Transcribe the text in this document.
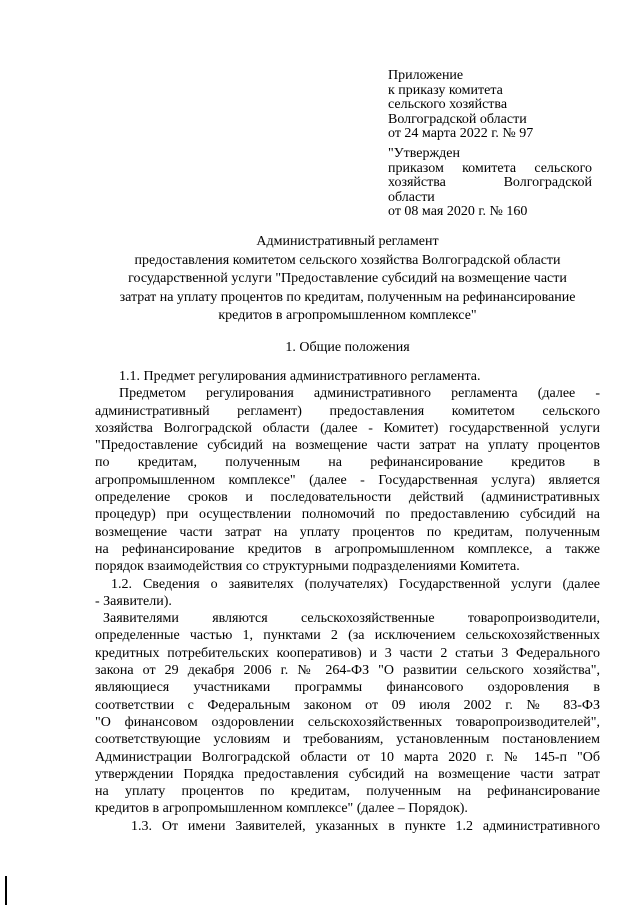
Приложение
к приказу комитета
сельского хозяйства
Волгоградской области
от 24 марта 2022 г. № 97
"Утвержден
приказом комитета сельского
хозяйства Волгоградской
области
от 08 мая 2020 г. № 160
Административный регламент
предоставления комитетом сельского хозяйства Волгоградской области
государственной услуги "Предоставление субсидий на возмещение части
затрат на уплату процентов по кредитам, полученным на рефинансирование
кредитов в агропромышленном комплексе"
1. Общие положения
1.1. Предмет регулирования административного регламента.
Предметом регулирования административного регламента (далее -
административный регламент) предоставления комитетом сельского
хозяйства Волгоградской области (далее - Комитет) государственной услуги
"Предоставление субсидий на возмещение части затрат на уплату процентов
по кредитам, полученным на рефинансирование кредитов в
агропромышленном комплексе" (далее - Государственная услуга) является
определение сроков и последовательности действий (административных
процедур) при осуществлении полномочий по предоставлению субсидий на
возмещение части затрат на уплату процентов по кредитам, полученным
на рефинансирование кредитов в агропромышленном комплексе, а также
порядок взаимодействия со структурными подразделениями Комитета.
1.2. Сведения о заявителях (получателях) Государственной услуги (далее
- Заявители).
Заявителями являются сельскохозяйственные товаропроизводители,
определенные частью 1, пунктами 2 (за исключением сельскохозяйственных
кредитных потребительских кооперативов) и 3 части 2 статьи 3 Федерального
закона от 29 декабря 2006 г. № 264-ФЗ "О развитии сельского хозяйства",
являющиеся участниками программы финансового оздоровления в
соответствии с Федеральным законом от 09 июля 2002 г. № 83-ФЗ
"О финансовом оздоровлении сельскохозяйственных товаропроизводителей",
соответствующие условиям и требованиям, установленным постановлением
Администрации Волгоградской области от 10 марта 2020 г. № 145-п "Об
утверждении Порядка предоставления субсидий на возмещение части затрат
на уплату процентов по кредитам, полученным на рефинансирование
кредитов в агропромышленном комплексе" (далее – Порядок).
1.3. От имени Заявителей, указанных в пункте 1.2 административного
